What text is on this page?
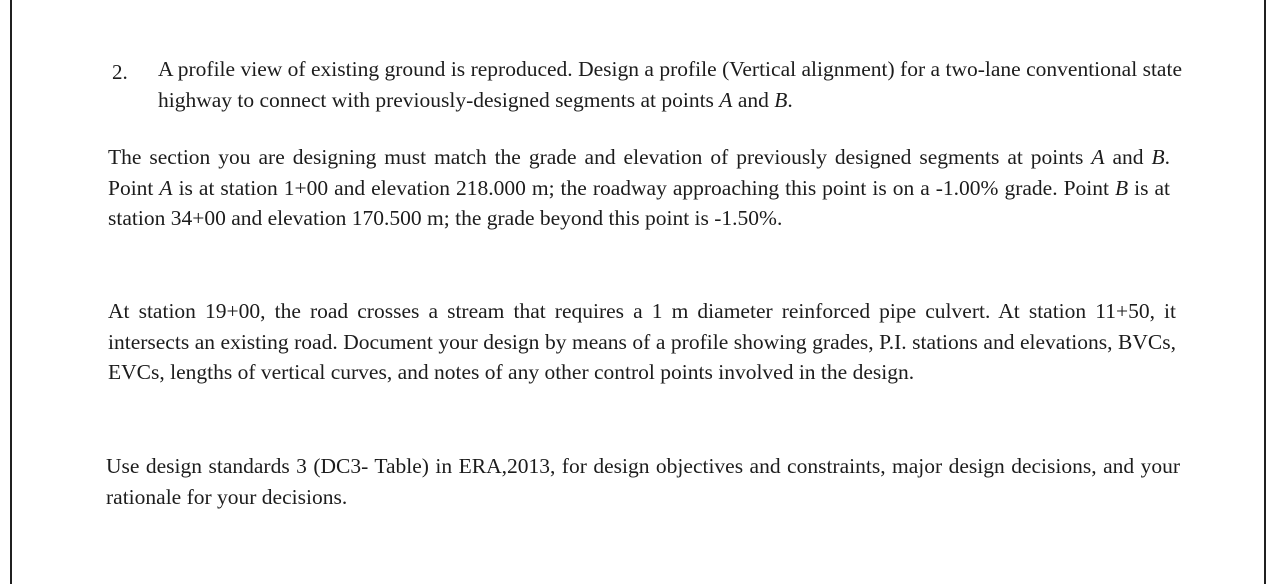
2. A profile view of existing ground is reproduced. Design a profile (Vertical alignment) for a two-lane conventional state highway to connect with previously-designed segments at points A and B.

The section you are designing must match the grade and elevation of previously designed segments at points A and B. Point A is at station 1+00 and elevation 218.000 m; the roadway approaching this point is on a -1.00% grade. Point B is at station 34+00 and elevation 170.500 m; the grade beyond this point is -1.50%.

At station 19+00, the road crosses a stream that requires a 1 m diameter reinforced pipe culvert. At station 11+50, it intersects an existing road. Document your design by means of a profile showing grades, P.I. stations and elevations, BVCs, EVCs, lengths of vertical curves, and notes of any other control points involved in the design.

Use design standards 3 (DC3- Table) in ERA,2013, for design objectives and constraints, major design decisions, and your rationale for your decisions.
